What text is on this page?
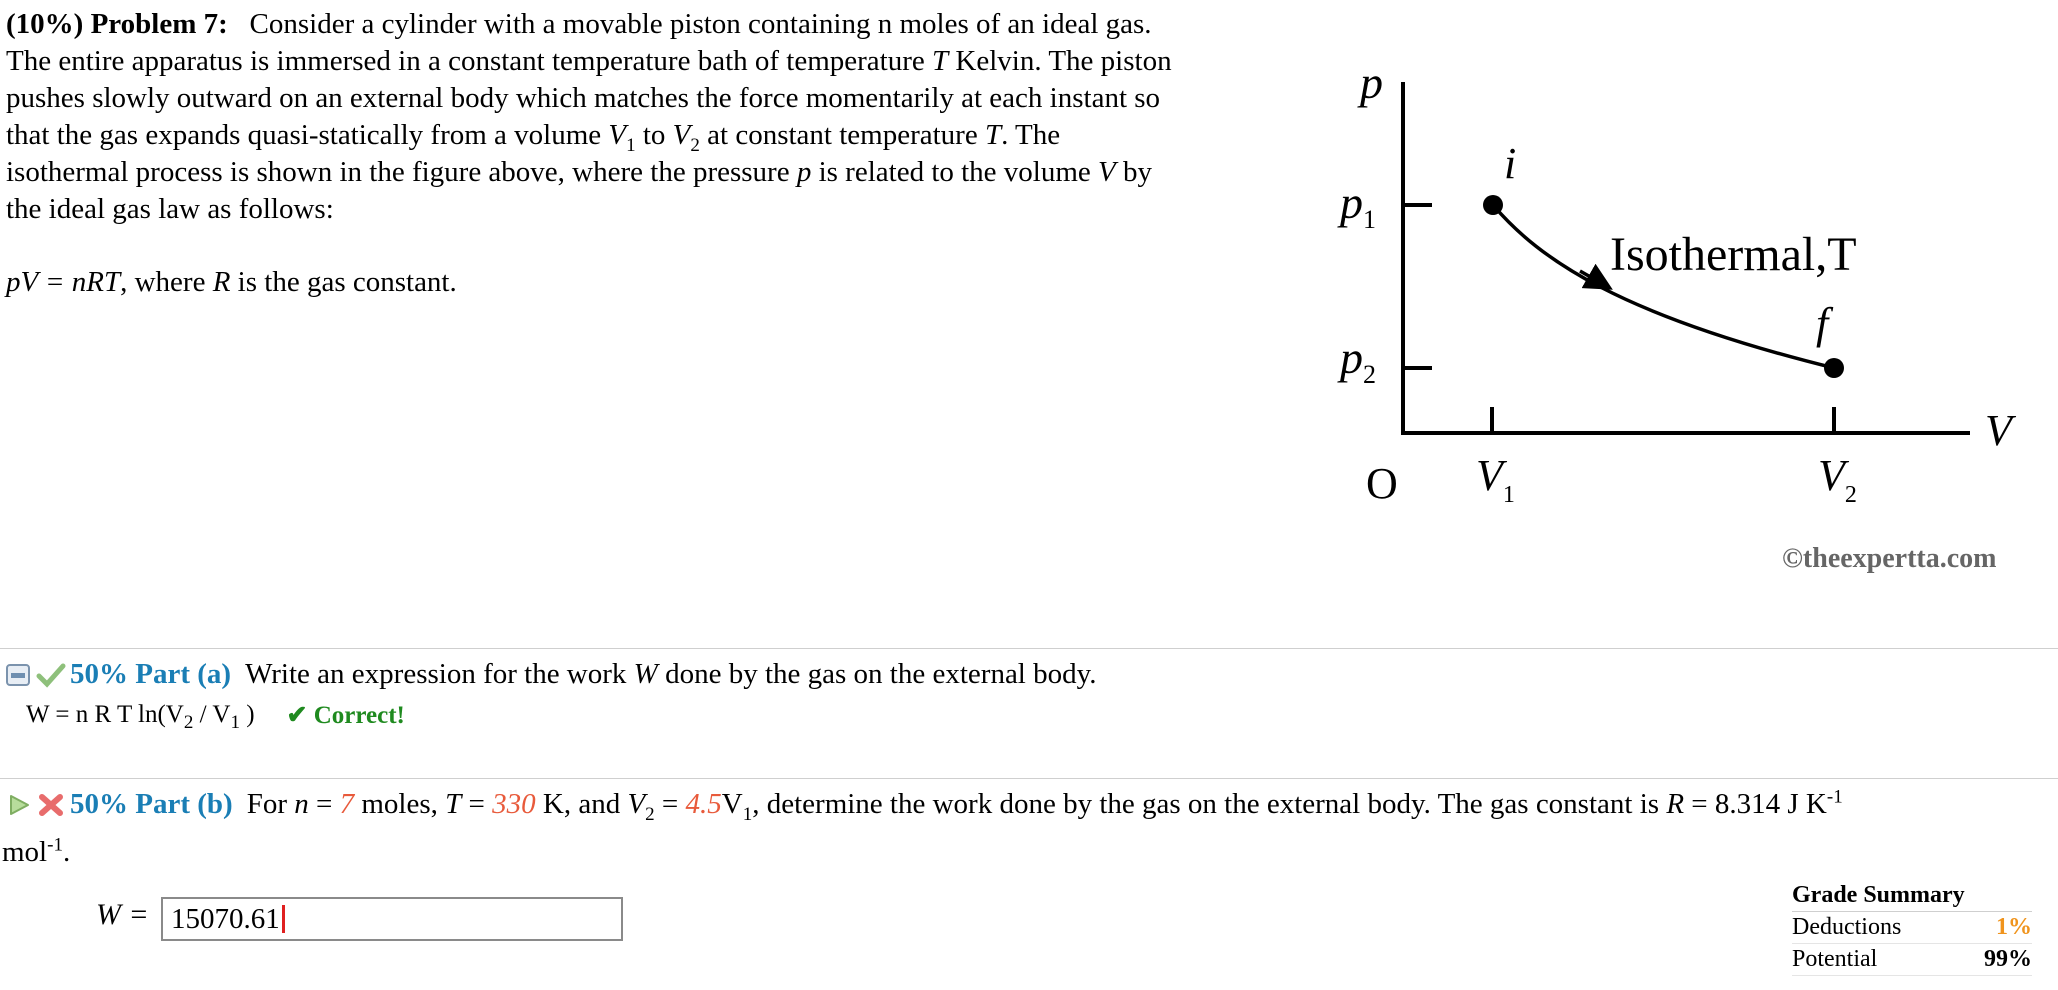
(10%) Problem 7: Consider a cylinder with a movable piston containing n moles of an ideal gas.

The entire apparatus is immersed in a constant temperature bath of temperature T Kelvin. The piston

pushes slowly outward on an external body which matches the force momentarily at each instant so

that the gas expands quasi-statically from a volume $V_1$ to $V_2$ at constant temperature T. The

isothermal process is shown in the figure above, where the pressure p is related to the volume V by

the ideal gas law as follows:

pV = nRT, where R is the gas constant.

p
V
O
$p_1$
$p_2$
$V_1$	$V_2$
i
f
Isothermal,T
©theexpertta.com
50% Part (a) Write an expression for the work W done by the gas on the external body.
W = n R T $\ln(V_2 / V_1$ ) ✔ Correct!
50% Part (b) For n = 7 moles, T = 330 K, and $V_2 = 4.5V_1$, determine the work done by the gas on the external body. The gas constant is R = 8.314 J $K^{-1}$
mol$^{-1}$.
W = 15070.61
Grade Summary
Deductions	1%
Potential	99%
